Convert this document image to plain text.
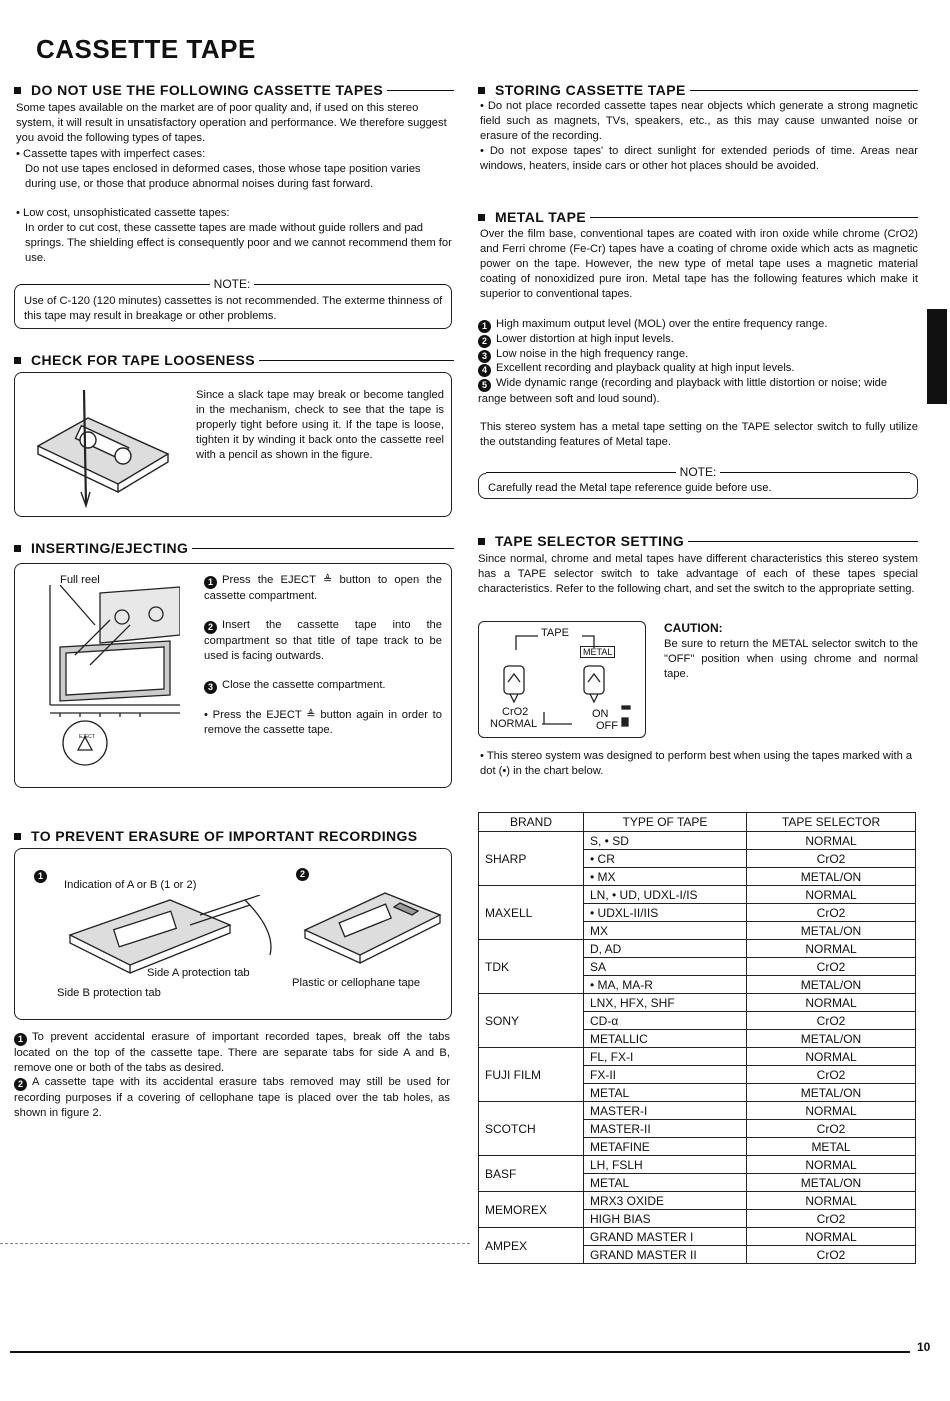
CASSETTE TAPE
DO NOT USE THE FOLLOWING CASSETTE TAPES
Some tapes available on the market are of poor quality and, if used on this stereo system, it will result in unsatisfactory operation and performance. We therefore suggest you avoid the following types of tapes.
• Cassette tapes with imperfect cases:
Do not use tapes enclosed in deformed cases, those whose tape position varies during use, or those that produce abnormal noises during fast forward.
• Low cost, unsophisticated cassette tapes:
In order to cut cost, these cassette tapes are made without guide rollers and pad springs. The shielding effect is consequently poor and we cannot recommend them for use.
NOTE:
Use of C-120 (120 minutes) cassettes is not recommended. The exterme thinness of this tape may result in breakage or other problems.
CHECK FOR TAPE LOOSENESS
Since a slack tape may break or become tangled in the mechanism, check to see that the tape is properly tight before using it. If the tape is loose, tighten it by winding it back onto the cassette reel with a pencil as shown in the figure.
INSERTING/EJECTING
Full reel
EJECT
1 Press the EJECT ≜ button to open the cassette compartment.
2 Insert the cassette tape into the compartment so that title of tape track to be used is facing outwards.
3 Close the cassette compartment.
• Press the EJECT ≜ button again in order to remove the cassette tape.
TO PREVENT ERASURE OF IMPORTANT RECORDINGS
1
Indication of A or B (1 or 2)
Side A protection tab
Side B protection tab
2
Plastic or cellophane tape
1 To prevent accidental erasure of important recorded tapes, break off the tabs located on the top of the cassette tape. There are separate tabs for side A and B, remove one or both of the tabs as desired.
2 A cassette tape with its accidental erasure tabs removed may still be used for recording purposes if a covering of cellophane tape is placed over the tab holes, as shown in figure 2.
STORING CASSETTE TAPE
• Do not place recorded cassette tapes near objects which generate a strong magnetic field such as magnets, TVs, speakers, etc., as this may cause unwanted noise or erasure of the recording.
• Do not expose tapes' to direct sunlight for extended periods of time. Areas near windows, heaters, inside cars or other hot places should be avoided.
METAL TAPE
Over the film base, conventional tapes are coated with iron oxide while chrome (CrO2) and Ferri chrome (Fe-Cr) tapes have a coating of chrome oxide which acts as magnetic power on the tape. However, the new type of metal tape uses a magnetic material coating of nonoxidized pure iron. Metal tape has the following features which make it superior to conventional tapes.
1 High maximum output level (MOL) over the entire frequency range.
2 Lower distortion at high input levels.
3 Low noise in the high frequency range.
4 Excellent recording and playback quality at high input levels.
5 Wide dynamic range (recording and playback with little distortion or noise; wide range between soft and loud sound).
This stereo system has a metal tape setting on the TAPE selector switch to fully utilize the outstanding features of Metal tape.
NOTE:
Carefully read the Metal tape reference guide before use.
TAPE SELECTOR SETTING
Since normal, chrome and metal tapes have different characteristics this stereo system has a TAPE selector switch to take advantage of each of these tapes special characteristics. Refer to the following chart, and set the switch to the appropriate setting.
TAPE
METAL
CrO2
NORMAL
ON
OFF
CAUTION:
Be sure to return the METAL selector switch to the "OFF" position when using chrome and normal tape.
• This stereo system was designed to perform best when using the tapes marked with a dot (•) in the chart below.
BRAND	TYPE OF TAPE	TAPE SELECTOR
SHARP	S, • SD	NORMAL
	• CR	CrO2
	• MX	METAL/ON
MAXELL	LN, • UD, UDXL-I/IS	NORMAL
	• UDXL-II/IIS	CrO2
	MX	METAL/ON
TDK	D, AD	NORMAL
	SA	CrO2
	• MA, MA-R	METAL/ON
SONY	LNX, HFX, SHF	NORMAL
	CD-α	CrO2
	METALLIC	METAL/ON
FUJI FILM	FL, FX-I	NORMAL
	FX-II	CrO2
	METAL	METAL/ON
SCOTCH	MASTER-I	NORMAL
	MASTER-II	CrO2
	METAFINE	METAL
BASF	LH, FSLH	NORMAL
	METAL	METAL/ON
MEMOREX	MRX3 OXIDE	NORMAL
	HIGH BIAS	CrO2
AMPEX	GRAND MASTER I	NORMAL
	GRAND MASTER II	CrO2
10
